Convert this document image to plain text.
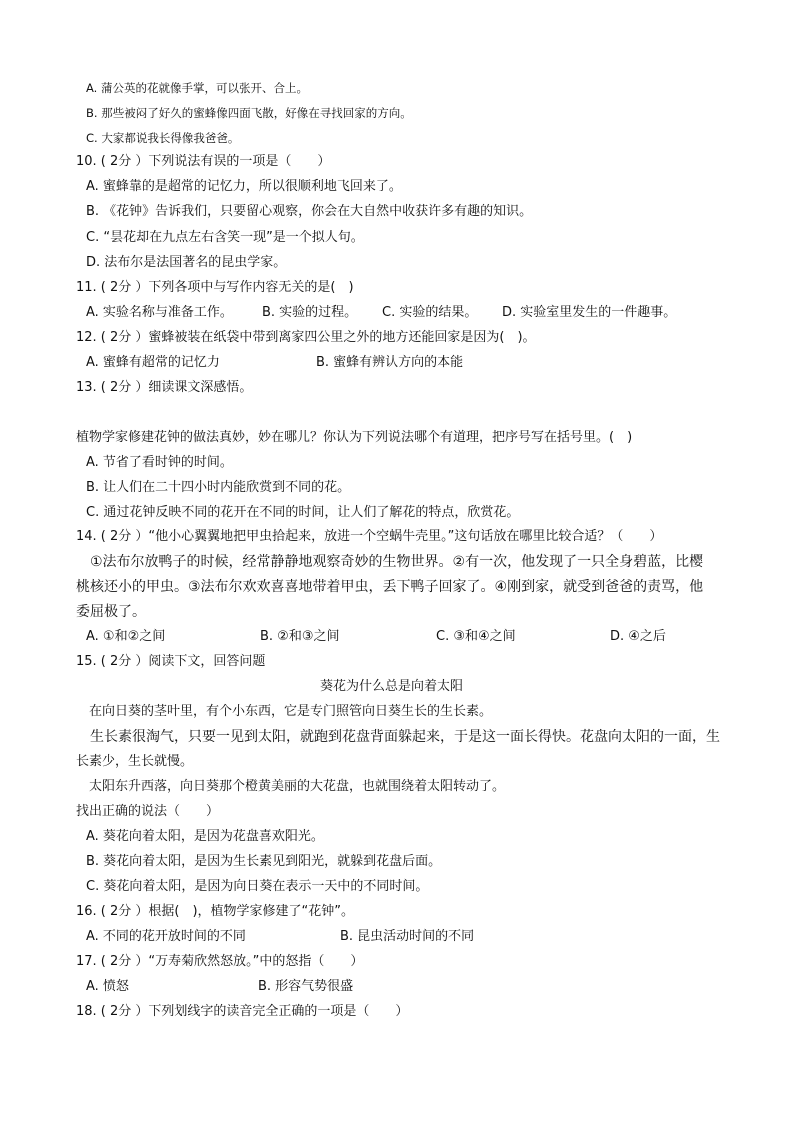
A. 蒲公英的花就像手掌，可以张开、合上。
B. 那些被闷了好久的蜜蜂像四面飞散，好像在寻找回家的方向。
C. 大家都说我长得像我爸爸。
10. ( 2分 ）下列说法有误的一项是（　　）
A. 蜜蜂靠的是超常的记忆力，所以很顺利地飞回来了。
B. 《花钟》告诉我们，只要留心观察，你会在大自然中收获许多有趣的知识。
C. “昙花却在九点左右含笑一现”是一个拟人句。
D. 法布尔是法国著名的昆虫学家。
11. ( 2分 ）下列各项中与写作内容无关的是(　)
A. 实验名称与准备工作。 B. 实验的过程。 C. 实验的结果。 D. 实验室里发生的一件趣事。
12. ( 2分 ）蜜蜂被装在纸袋中带到离家四公里之外的地方还能回家是因为(　)。
A. 蜜蜂有超常的记忆力	B. 蜜蜂有辨认方向的本能
13. ( 2分 ）细读课文深感悟。
植物学家修建花钟的做法真妙，妙在哪儿？你认为下列说法哪个有道理，把序号写在括号里。(　)
A. 节省了看时钟的时间。
B. 让人们在二十四小时内能欣赏到不同的花。
C. 通过花钟反映不同的花开在不同的时间，让人们了解花的特点，欣赏花。
14. ( 2分 ）“他小心翼翼地把甲虫拾起来，放进一个空蜗牛壳里。”这句话放在哪里比较合适？（　　）
　①法布尔放鸭子的时候，经常静静地观察奇妙的生物世界。②有一次，他发现了一只全身碧蓝，比樱
桃核还小的甲虫。③法布尔欢欢喜喜地带着甲虫，丢下鸭子回家了。④刚到家，就受到爸爸的责骂，他
委屈极了。
A. ①和②之间	B. ②和③之间	C. ③和④之间	D. ④之后
15. ( 2分 ）阅读下文，回答问题
葵花为什么总是向着太阳
　在向日葵的茎叶里，有个小东西，它是专门照管向日葵生长的生长素。
　生长素很淘气，只要一见到太阳，就跑到花盘背面躲起来，于是这一面长得快。花盘向太阳的一面，生
长素少，生长就慢。
　太阳东升西落，向日葵那个橙黄美丽的大花盘，也就围绕着太阳转动了。
找出正确的说法（　　）
A. 葵花向着太阳，是因为花盘喜欢阳光。
B. 葵花向着太阳，是因为生长素见到阳光，就躲到花盘后面。
C. 葵花向着太阳，是因为向日葵在表示一天中的不同时间。
16. ( 2分 ）根据(　)，植物学家修建了“花钟”。
A. 不同的花开放时间的不同	B. 昆虫活动时间的不同
17. ( 2分 ）“万寿菊欣然怒放。”中的怒指（　　）
A. 愤怒	B. 形容气势很盛
18. ( 2分 ）下列划线字的读音完全正确的一项是（　　）
